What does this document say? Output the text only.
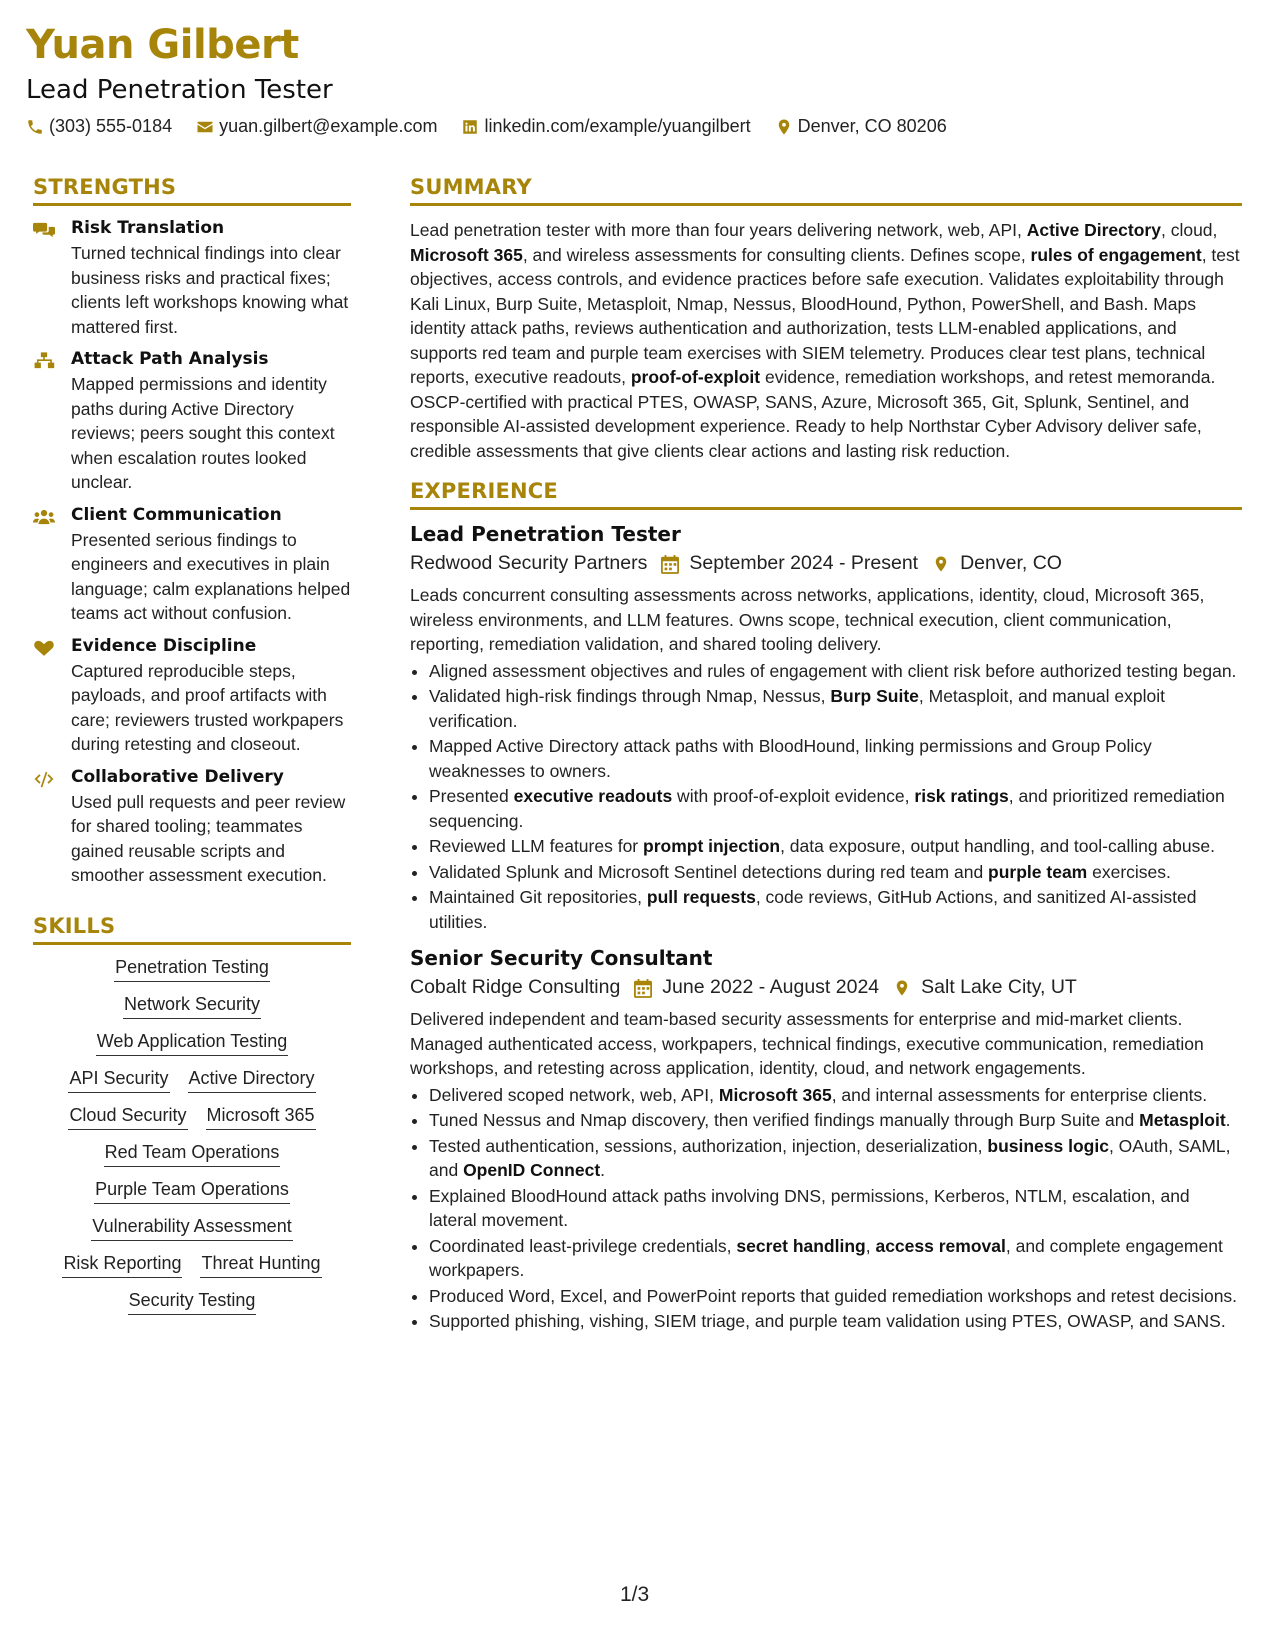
Yuan Gilbert
Lead Penetration Tester
(303) 555-0184	yuan.gilbert@example.com	linkedin.com/example/yuangilbert	Denver, CO 80206
STRENGTHS
Risk Translation
Turned technical findings into clear business risks and practical fixes; clients left workshops knowing what mattered first.
Attack Path Analysis
Mapped permissions and identity paths during Active Directory reviews; peers sought this context when escalation routes looked unclear.
Client Communication
Presented serious findings to engineers and executives in plain language; calm explanations helped teams act without confusion.
Evidence Discipline
Captured reproducible steps, payloads, and proof artifacts with care; reviewers trusted workpapers during retesting and closeout.
Collaborative Delivery
Used pull requests and peer review for shared tooling; teammates gained reusable scripts and smoother assessment execution.
SKILLS
Penetration Testing
Network Security
Web Application Testing
API Security Active Directory
Cloud Security Microsoft 365
Red Team Operations
Purple Team Operations
Vulnerability Assessment
Risk Reporting Threat Hunting
Security Testing
SUMMARY

Lead penetration tester with more than four years delivering network, web, API, Active Directory, cloud, Microsoft 365, and wireless assessments for consulting clients. Defines scope, rules of engagement, test objectives, access controls, and evidence practices before safe execution. Validates exploitability through Kali Linux, Burp Suite, Metasploit, Nmap, Nessus, BloodHound, Python, PowerShell, and Bash. Maps identity attack paths, reviews authentication and authorization, tests LLM-enabled applications, and supports red team and purple team exercises with SIEM telemetry. Produces clear test plans, technical reports, executive readouts, proof-of-exploit evidence, remediation workshops, and retest memoranda. OSCP-certified with practical PTES, OWASP, SANS, Azure, Microsoft 365, Git, Splunk, Sentinel, and responsible AI-assisted development experience. Ready to help Northstar Cyber Advisory deliver safe, credible assessments that give clients clear actions and lasting risk reduction.

EXPERIENCE
Lead Penetration Tester
Redwood Security Partners September 2024 - Present Denver, CO
Leads concurrent consulting assessments across networks, applications, identity, cloud, Microsoft 365, wireless environments, and LLM features. Owns scope, technical execution, client communication, reporting, remediation validation, and shared tooling delivery.
• Aligned assessment objectives and rules of engagement with client risk before authorized testing began.
• Validated high-risk findings through Nmap, Nessus, Burp Suite, Metasploit, and manual exploit verification.
• Mapped Active Directory attack paths with BloodHound, linking permissions and Group Policy weaknesses to owners.
• Presented executive readouts with proof-of-exploit evidence, risk ratings, and prioritized remediation sequencing.
• Reviewed LLM features for prompt injection, data exposure, output handling, and tool-calling abuse.
• Validated Splunk and Microsoft Sentinel detections during red team and purple team exercises.
• Maintained Git repositories, pull requests, code reviews, GitHub Actions, and sanitized AI-assisted utilities.
Senior Security Consultant
Cobalt Ridge Consulting June 2022 - August 2024 Salt Lake City, UT
Delivered independent and team-based security assessments for enterprise and mid-market clients. Managed authenticated access, workpapers, technical findings, executive communication, remediation workshops, and retesting across application, identity, cloud, and network engagements.
• Delivered scoped network, web, API, Microsoft 365, and internal assessments for enterprise clients.
• Tuned Nessus and Nmap discovery, then verified findings manually through Burp Suite and Metasploit.
• Tested authentication, sessions, authorization, injection, deserialization, business logic, OAuth, SAML, and OpenID Connect.
• Explained BloodHound attack paths involving DNS, permissions, Kerberos, NTLM, escalation, and lateral movement.
• Coordinated least-privilege credentials, secret handling, access removal, and complete engagement workpapers.
• Produced Word, Excel, and PowerPoint reports that guided remediation workshops and retest decisions.
• Supported phishing, vishing, SIEM triage, and purple team validation using PTES, OWASP, and SANS.
1/3
